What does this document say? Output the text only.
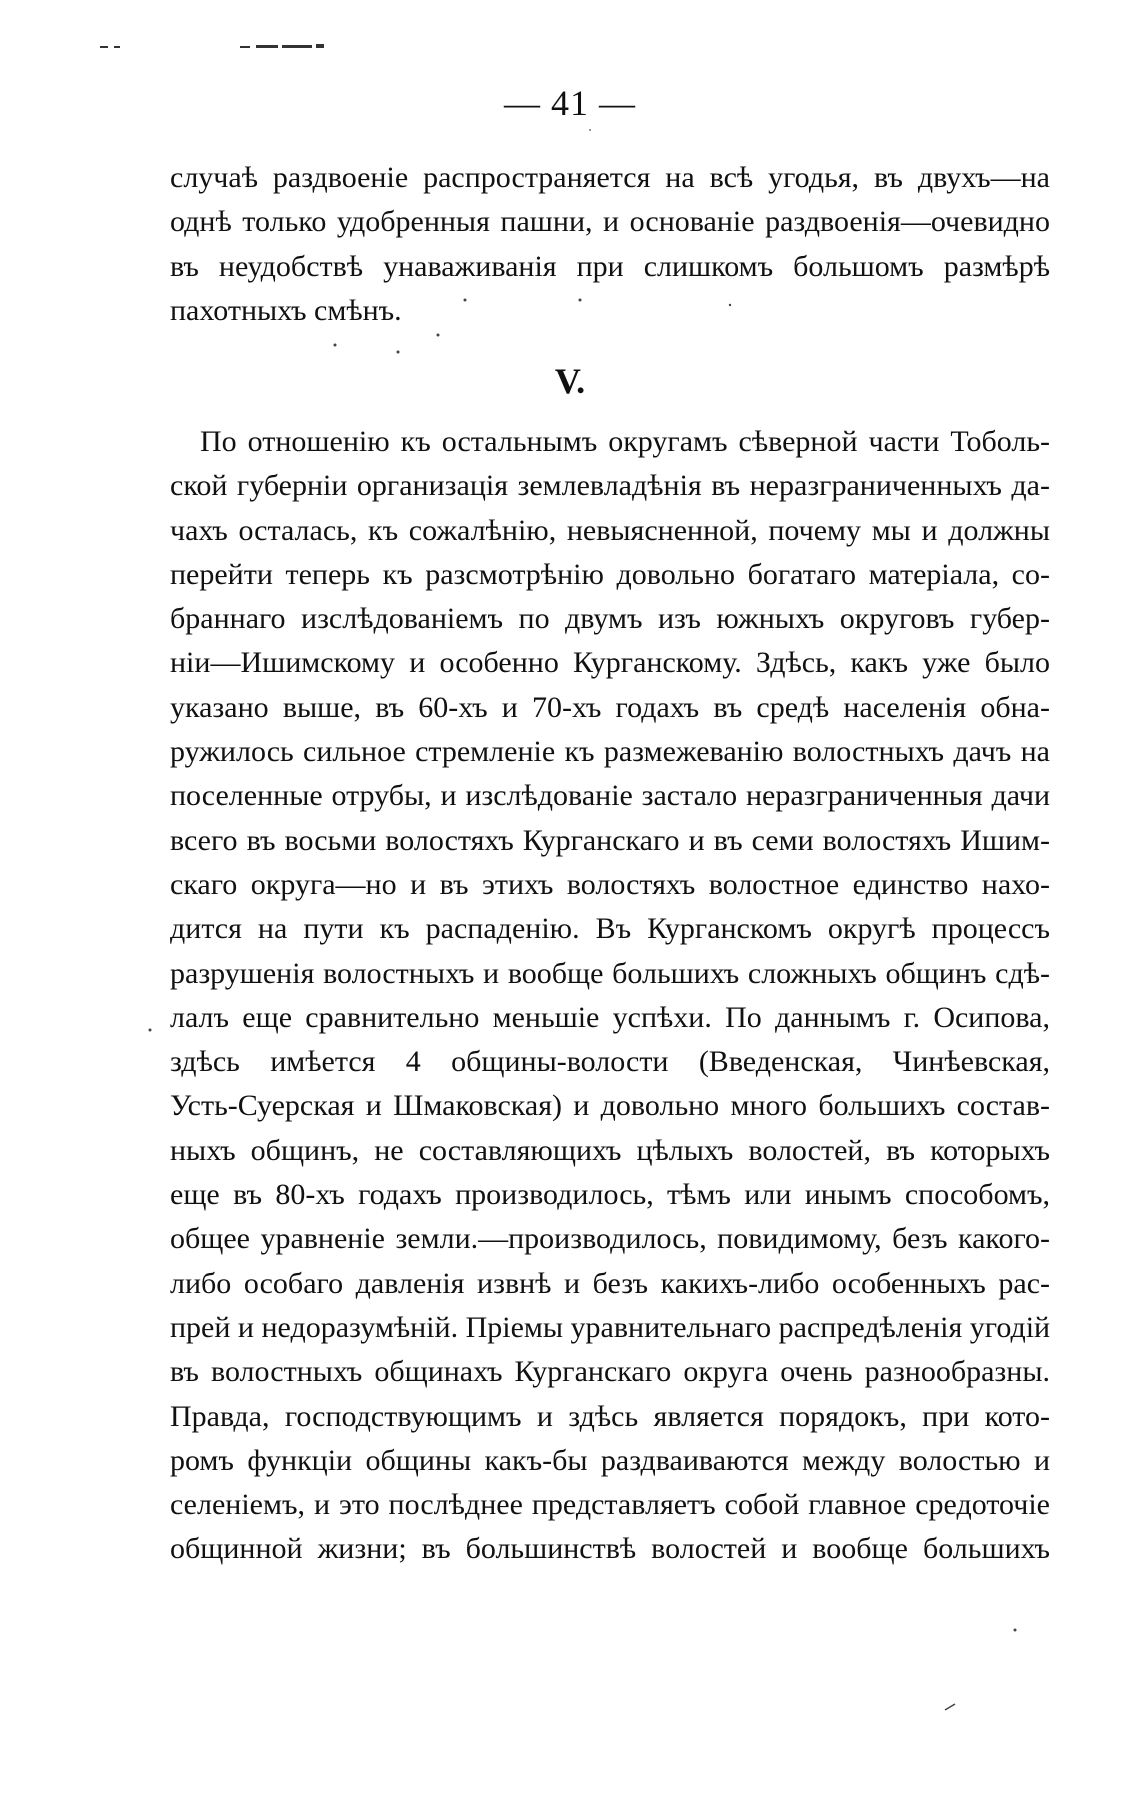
— 41 —
случаѣ раздвоеніе распространяется на всѣ угодья, въ двухъ—на
однѣ только удобренныя пашни, и основаніе раздвоенія—очевидно
въ неудобствѣ унаваживанія при слишкомъ большомъ размѣрѣ
пахотныхъ смѣнъ.
V.
По отношенію къ остальнымъ округамъ сѣверной части Тоболь-
ской губерніи организація землевладѣнія въ неразграниченныхъ да-
чахъ осталась, къ сожалѣнію, невыясненной, почему мы и должны
перейти теперь къ разсмотрѣнію довольно богатаго матеріала, со-
браннаго изслѣдованіемъ по двумъ изъ южныхъ округовъ губер-
ніи—Ишимскому и особенно Курганскому. Здѣсь, какъ уже было
указано выше, въ 60-хъ и 70-хъ годахъ въ средѣ населенія обна-
ружилось сильное стремленіе къ размежеванію волостныхъ дачъ на
поселенные отрубы, и изслѣдованіе застало неразграниченныя дачи
всего въ восьми волостяхъ Курганскаго и въ семи волостяхъ Ишим-
скаго округа—но и въ этихъ волостяхъ волостное единство нахо-
дится на пути къ распаденію. Въ Курганскомъ округѣ процессъ
разрушенія волостныхъ и вообще большихъ сложныхъ общинъ сдѣ-
лалъ еще сравнительно меньшіе успѣхи. По даннымъ г. Осипова,
здѣсь имѣется 4 общины-волости (Введенская, Чинѣевская,
Усть-Суерская и Шмаковская) и довольно много большихъ состав-
ныхъ общинъ, не составляющихъ цѣлыхъ волостей, въ которыхъ
еще въ 80-хъ годахъ производилось, тѣмъ или инымъ способомъ,
общее уравненіе земли.—производилось, повидимому, безъ какого-
либо особаго давленія извнѣ и безъ какихъ-либо особенныхъ рас-
прей и недоразумѣній. Пріемы уравнительнаго распредѣленія угодій
въ волостныхъ общинахъ Курганскаго округа очень разнообразны.
Правда, господствующимъ и здѣсь является порядокъ, при кото-
ромъ функціи общины какъ-бы раздваиваются между волостью и
селеніемъ, и это послѣднее представляетъ собой главное средоточіе
общинной жизни; въ большинствѣ волостей и вообще большихъ
